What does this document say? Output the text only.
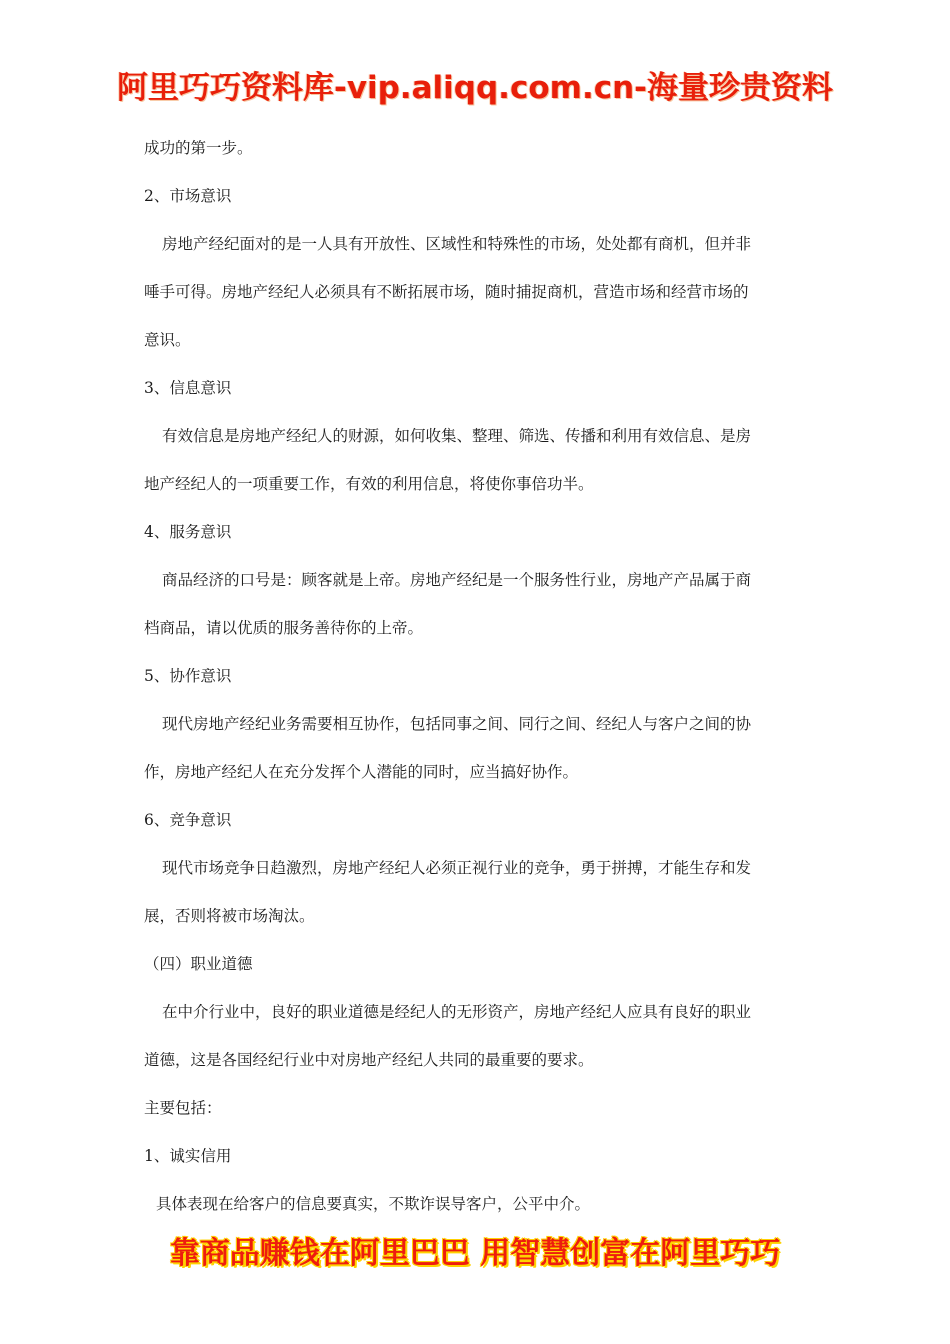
阿里巧巧资料库-vip.aliqq.com.cn-海量珍贵资料
成功的第一步。
2、市场意识
房地产经纪面对的是一人具有开放性、区域性和特殊性的市场，处处都有商机，但并非
唾手可得。房地产经纪人必须具有不断拓展市场，随时捕捉商机，营造市场和经营市场的
意识。
3、信息意识
有效信息是房地产经纪人的财源，如何收集、整理、筛选、传播和利用有效信息、是房
地产经纪人的一项重要工作，有效的利用信息，将使你事倍功半。
4、服务意识
商品经济的口号是：顾客就是上帝。房地产经纪是一个服务性行业，房地产产品属于商
档商品，请以优质的服务善待你的上帝。
5、协作意识
现代房地产经纪业务需要相互协作，包括同事之间、同行之间、经纪人与客户之间的协
作，房地产经纪人在充分发挥个人潜能的同时，应当搞好协作。
6、竞争意识
现代市场竞争日趋激烈，房地产经纪人必须正视行业的竞争，勇于拼搏，才能生存和发
展，否则将被市场淘汰。
（四）职业道德
在中介行业中，良好的职业道德是经纪人的无形资产，房地产经纪人应具有良好的职业
道德，这是各国经纪行业中对房地产经纪人共同的最重要的要求。
主要包括：
1、诚实信用
具体表现在给客户的信息要真实，不欺诈误导客户，公平中介。
靠商品赚钱在阿里巴巴 用智慧创富在阿里巧巧
